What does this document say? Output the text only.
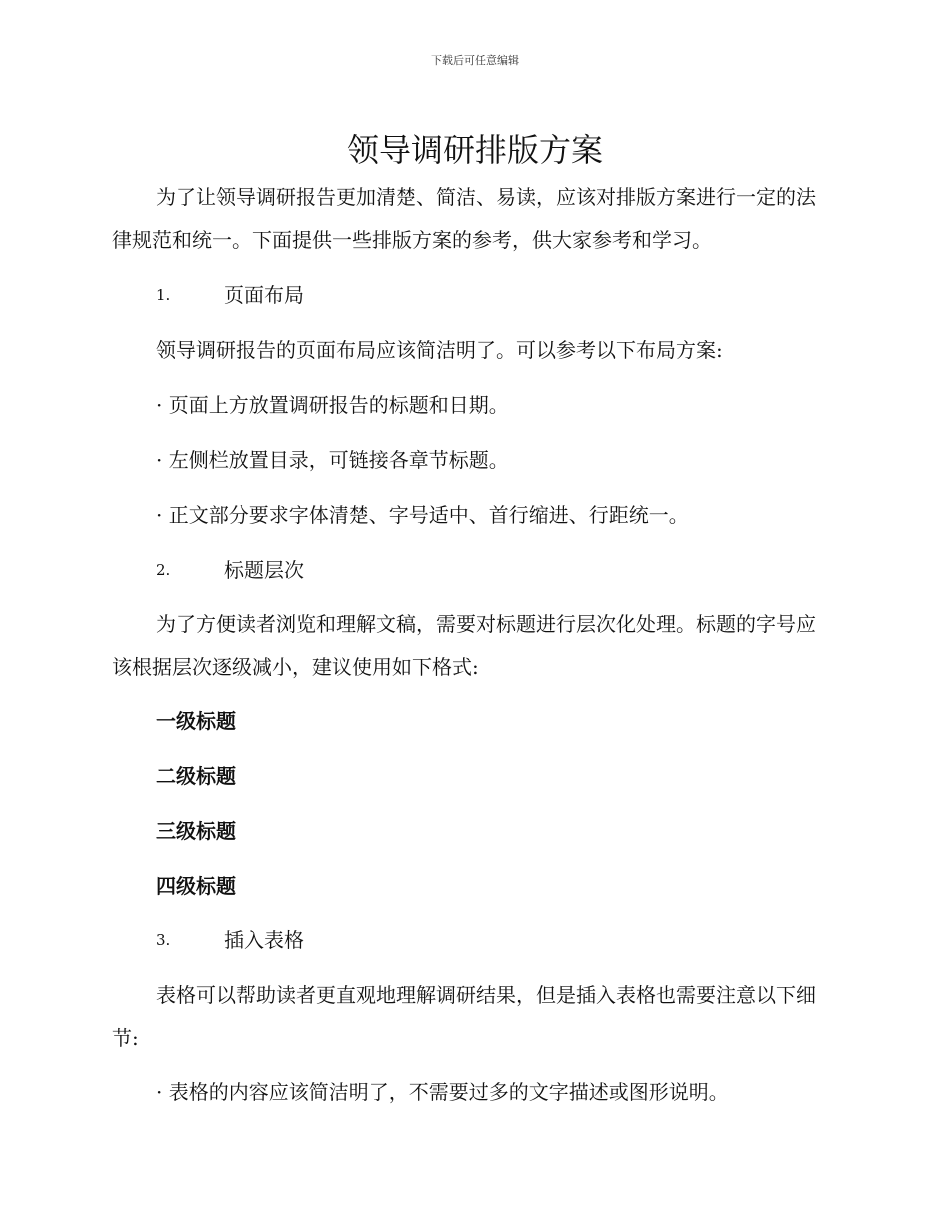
下载后可任意编辑
领导调研排版方案

为了让领导调研报告更加清楚、简洁、易读，应该对排版方案进行一定的法律规范和统一。下面提供一些排版方案的参考，供大家参考和学习。

1.	页面布局
领导调研报告的页面布局应该简洁明了。可以参考以下布局方案:
· 页面上方放置调研报告的标题和日期。
· 左侧栏放置目录，可链接各章节标题。
· 正文部分要求字体清楚、字号适中、首行缩进、行距统一。
2.	标题层次

为了方便读者浏览和理解文稿，需要对标题进行层次化处理。标题的字号应该根据层次逐级减小，建议使用如下格式:

一级标题
二级标题
三级标题
四级标题
3.	插入表格

表格可以帮助读者更直观地理解调研结果，但是插入表格也需要注意以下细节:

· 表格的内容应该简洁明了，不需要过多的文字描述或图形说明。
